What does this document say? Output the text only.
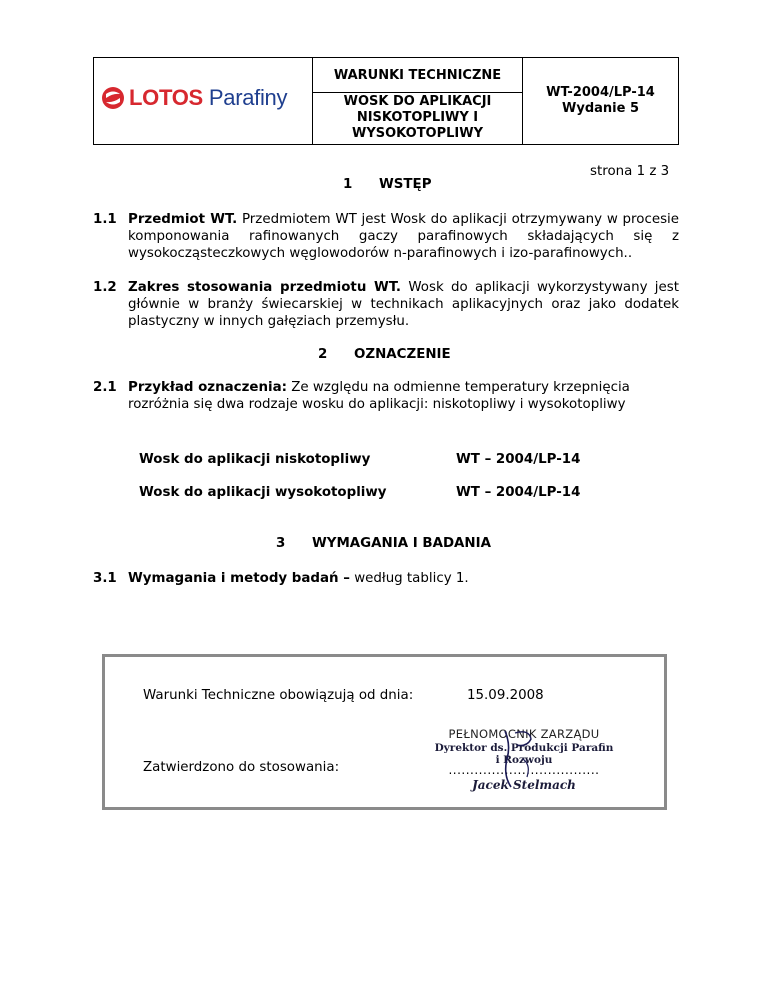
LOTOS Parafiny
WARUNKI TECHNICZNE
WOSK DO APLIKACJI NISKOTOPLIWY I WYSOKOTOPLIWY
WT-2004/LP-14
Wydanie 5
strona 1 z 3
1 WSTĘP
1.1 Przedmiot WT. Przedmiotem WT jest Wosk do aplikacji otrzymywany w procesie komponowania rafinowanych gaczy parafinowych składających się z wysokocząsteczkowych węglowodorów n-parafinowych i izo-parafinowych..
1.2 Zakres stosowania przedmiotu WT. Wosk do aplikacji wykorzystywany jest głównie w branży świecarskiej w technikach aplikacyjnych oraz jako dodatek plastyczny w innych gałęziach przemysłu.
2 OZNACZENIE
2.1 Przykład oznaczenia: Ze względu na odmienne temperatury krzepnięcia rozróżnia się dwa rodzaje wosku do aplikacji: niskotopliwy i wysokotopliwy
Wosk do aplikacji niskotopliwy	WT – 2004/LP-14
Wosk do aplikacji wysokotopliwy	WT – 2004/LP-14
3 WYMAGANIA I BADANIA
3.1 Wymagania i metody badań – według tablicy 1.
Warunki Techniczne obowiązują od dnia:	15.09.2008
Zatwierdzono do stosowania:
PEŁNOMOCNIK ZARZĄDU
Dyrektor ds. Produkcji Parafin
i Rozwoju
...................................
Jacek Stelmach
